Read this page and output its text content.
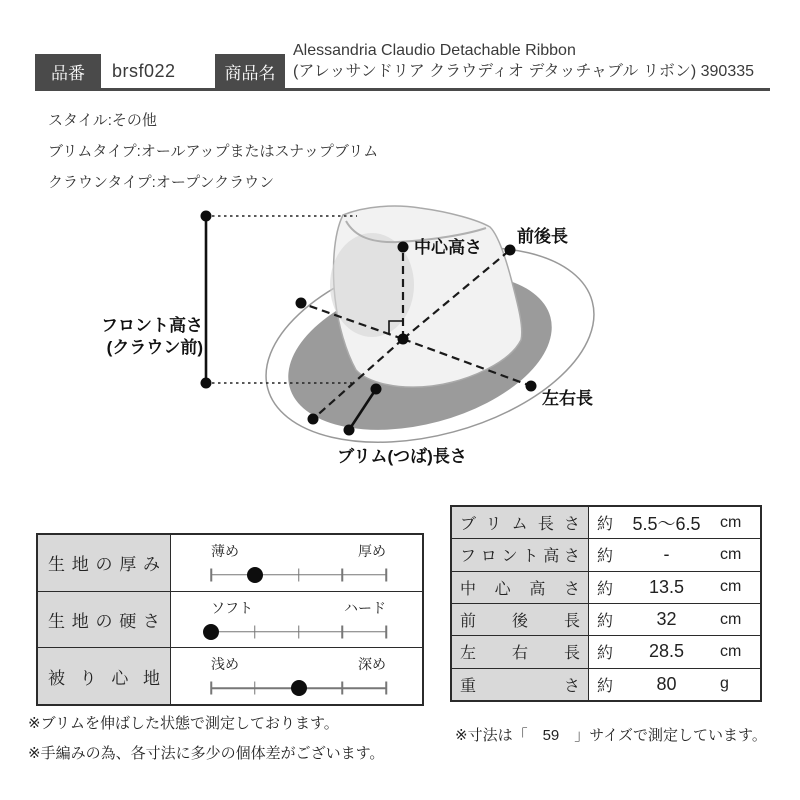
品番	brsf022	商品名
Alessandria Claudio Detachable Ribbon
(アレッサンドリア クラウディオ デタッチャブル リボン) 390335
スタイル:その他
ブリムタイプ:オールアップまたはスナップブリム
クラウンタイプ:オープンクラウン
中心高さ
前後長
左右長
ブリム(つば)長さ
フロント高さ
(クラウン前)
生地の厚み
薄め	厚め
生地の硬さ
ソフト	ハード
被り心地
浅め	深め
ブリム長さ	約	5.5～6.5	cm
フロント高さ	約	-	cm
中心高さ	約	13.5	cm
前後長	約	32	cm
左右長	約	28.5	cm
重さ	約	80	g
※ブリムを伸ばした状態で測定しております。
※手編みの為、各寸法に多少の個体差がございます。
※寸法は「　59　」サイズで測定しています。
